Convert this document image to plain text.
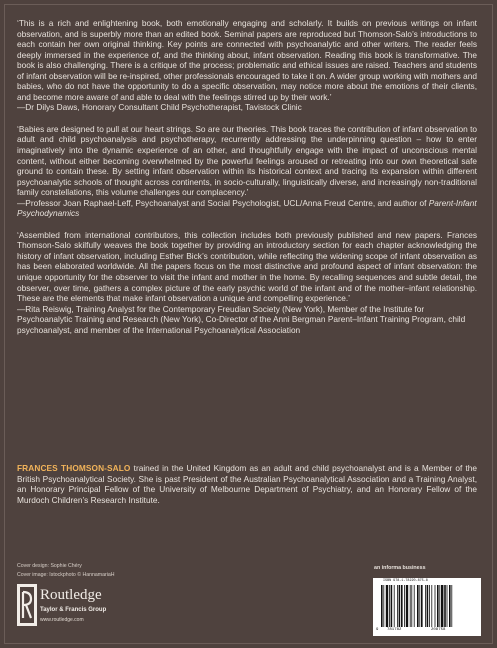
‘This is a rich and enlightening book, both emotionally engaging and scholarly. It builds on previous writings on infant observation, and is superbly more than an edited book. Seminal papers are reproduced but Thomson-Salo’s introductions to each contain her own original thinking. Key points are connected with psychoanalytic and other writers. The reader feels deeply immersed in the experience of, and the thinking about, infant observation. Reading this book is transformative. The book is also challenging. There is a critique of the process; problematic and ethical issues are raised. Teachers and students of infant observation will be re-inspired, other professionals encouraged to take it on. A wider group working with mothers and babies, who do not have the opportunity to do a specific observation, may notice more about the emotions of their clients, and become more aware of and able to deal with the feelings stirred up by their work.’

—Dr Dilys Daws, Honorary Consultant Child Psychotherapist, Tavistock Clinic

‘Babies are designed to pull at our heart strings. So are our theories. This book traces the contribution of infant observation to adult and child psychoanalysis and psychotherapy, recurrently addressing the underpinning question – how to enter imaginatively into the dynamic experience of an other, and thoughtfully engage with the impact of unconscious mental content, without either becoming overwhelmed by the powerful feelings aroused or retreating into our own theoretical safe ground to contain these. By setting infant observation within its historical context and tracing its expansion within different psychoanalytic schools of thought across continents, in socio-culturally, linguistically diverse, and increasingly non-traditional family constellations, this volume challenges our complacency.’

—Professor Joan Raphael-Leff, Psychoanalyst and Social Psychologist, UCL/Anna Freud Centre, and author of Parent-Infant Psychodynamics

‘Assembled from international contributors, this collection includes both previously published and new papers. Frances Thomson-Salo skilfully weaves the book together by providing an introductory section for each chapter acknowledging the history of infant observation, including Esther Bick’s contribution, while reflecting the widening scope of infant observation as has been elaborated worldwide. All the papers focus on the most distinctive and profound aspect of infant observation: the unique opportunity for the observer to visit the infant and mother in the home. By recalling sequences and subtle detail, the observer, over time, gathers a complex picture of the early psychic world of the infant and of the mother–infant relationship. These are the elements that make infant observation a unique and compelling experience.’

—Rita Reiswig, Training Analyst for the Contemporary Freudian Society (New York), Member of the Institute for Psychoanalytic Training and Research (New York), Co-Director of the Anni Bergman Parent–Infant Training Program, child psychoanalyst, and member of the International Psychoanalytical Association
FRANCES THOMSON-SALO trained in the United Kingdom as an adult and child psychoanalyst and is a Member of the British Psychoanalytical Society. She is past President of the Australian Psychoanalytical Association and a Training Analyst, an Honorary Principal Fellow of the University of Melbourne Department of Psychiatry, and an Honorary Fellow of the Murdoch Children’s Research Institute.
Cover design: Sophie Chéry
Cover image: Istockphoto © HannamariaH
an informa business
Routledge
Taylor & Francis Group
www.routledge.com
ISBN 978-1-78220-875-8
9 781782	208758
